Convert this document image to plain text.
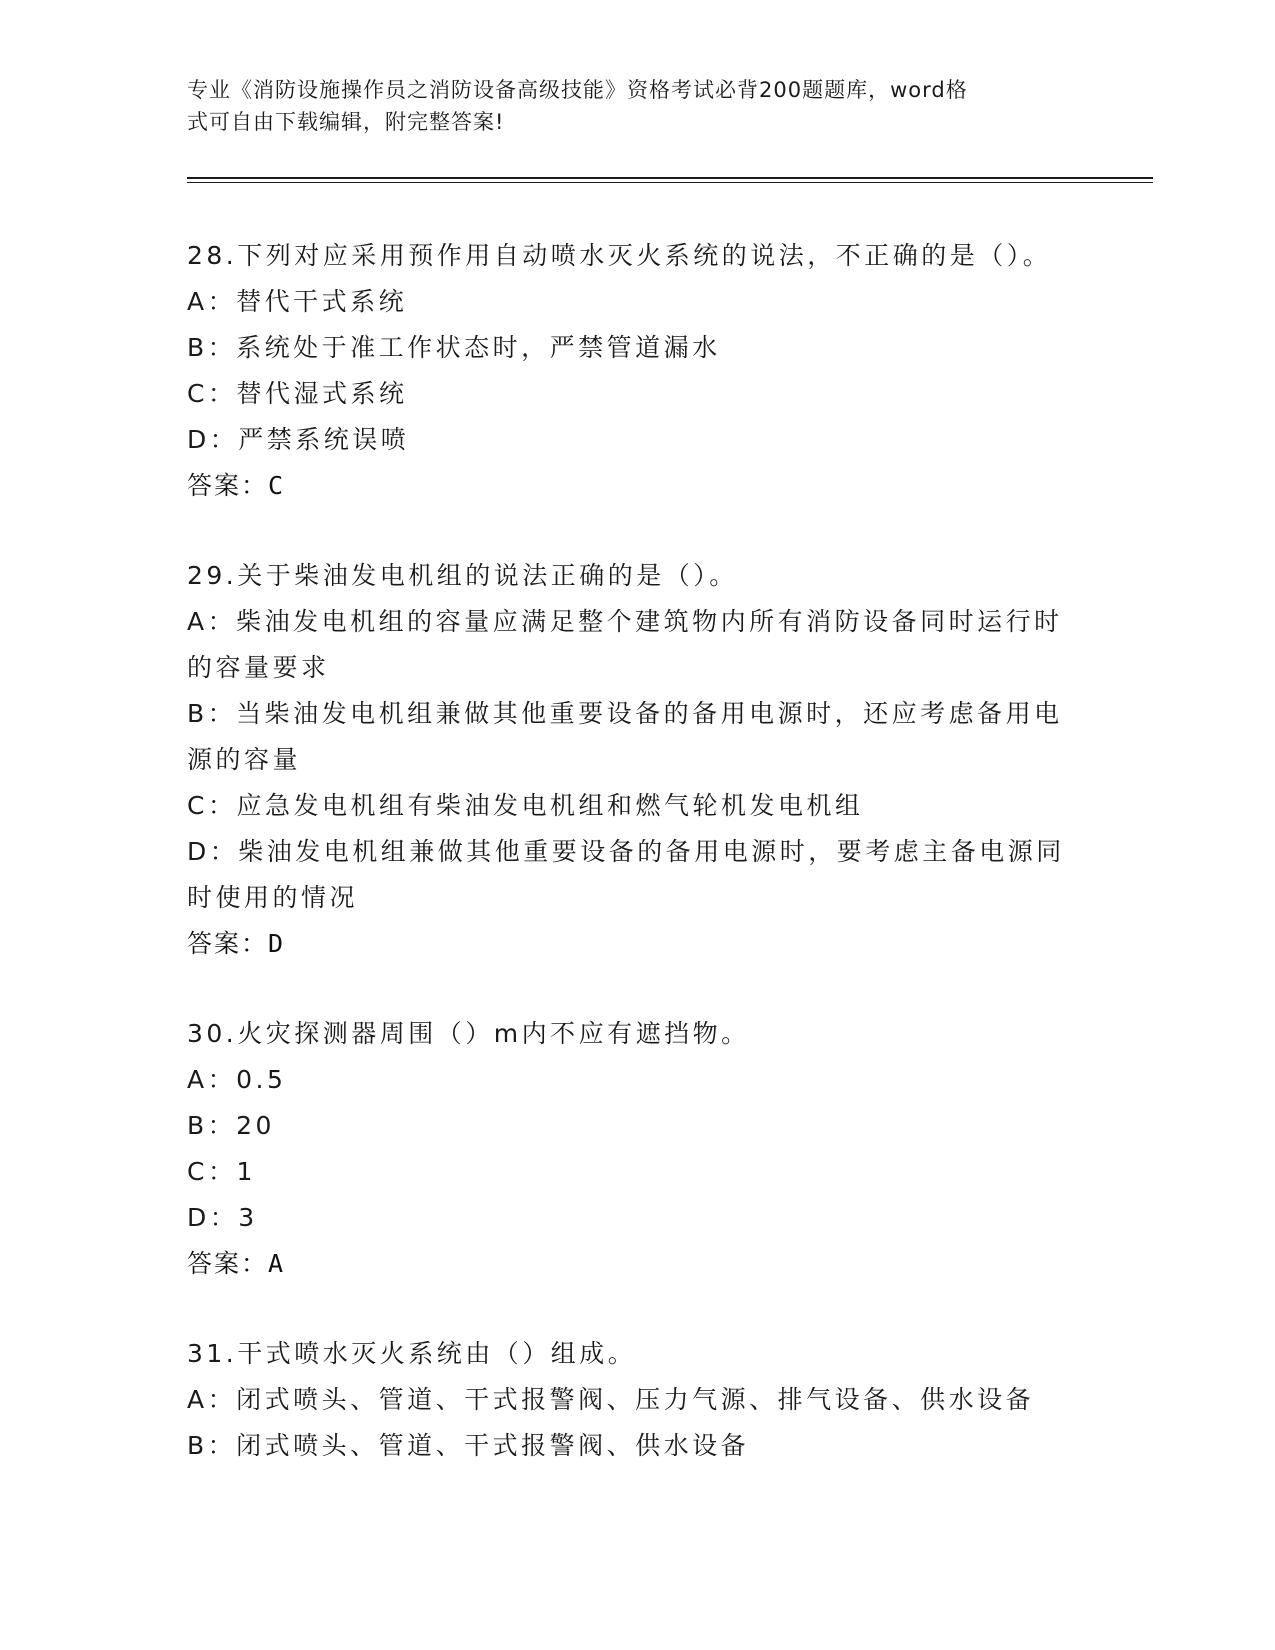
专业《消防设施操作员之消防设备高级技能》资格考试必背200题题库，word格
式可自由下载编辑，附完整答案!

28.下列对应采用预作用自动喷水灭火系统的说法，不正确的是（）。

A：替代干式系统

B：系统处于准工作状态时，严禁管道漏水

C：替代湿式系统

D：严禁系统误喷

答案：C

29.关于柴油发电机组的说法正确的是（）。

A：柴油发电机组的容量应满足整个建筑物内所有消防设备同时运行时的容量要求

B：当柴油发电机组兼做其他重要设备的备用电源时，还应考虑备用电源的容量

C：应急发电机组有柴油发电机组和燃气轮机发电机组

D：柴油发电机组兼做其他重要设备的备用电源时，要考虑主备电源同时使用的情况

答案：D

30.火灾探测器周围（）m内不应有遮挡物。

A：0.5

B：20

C：1

D：3

答案：A

31.干式喷水灭火系统由（）组成。

A：闭式喷头、管道、干式报警阀、压力气源、排气设备、供水设备

B：闭式喷头、管道、干式报警阀、供水设备
